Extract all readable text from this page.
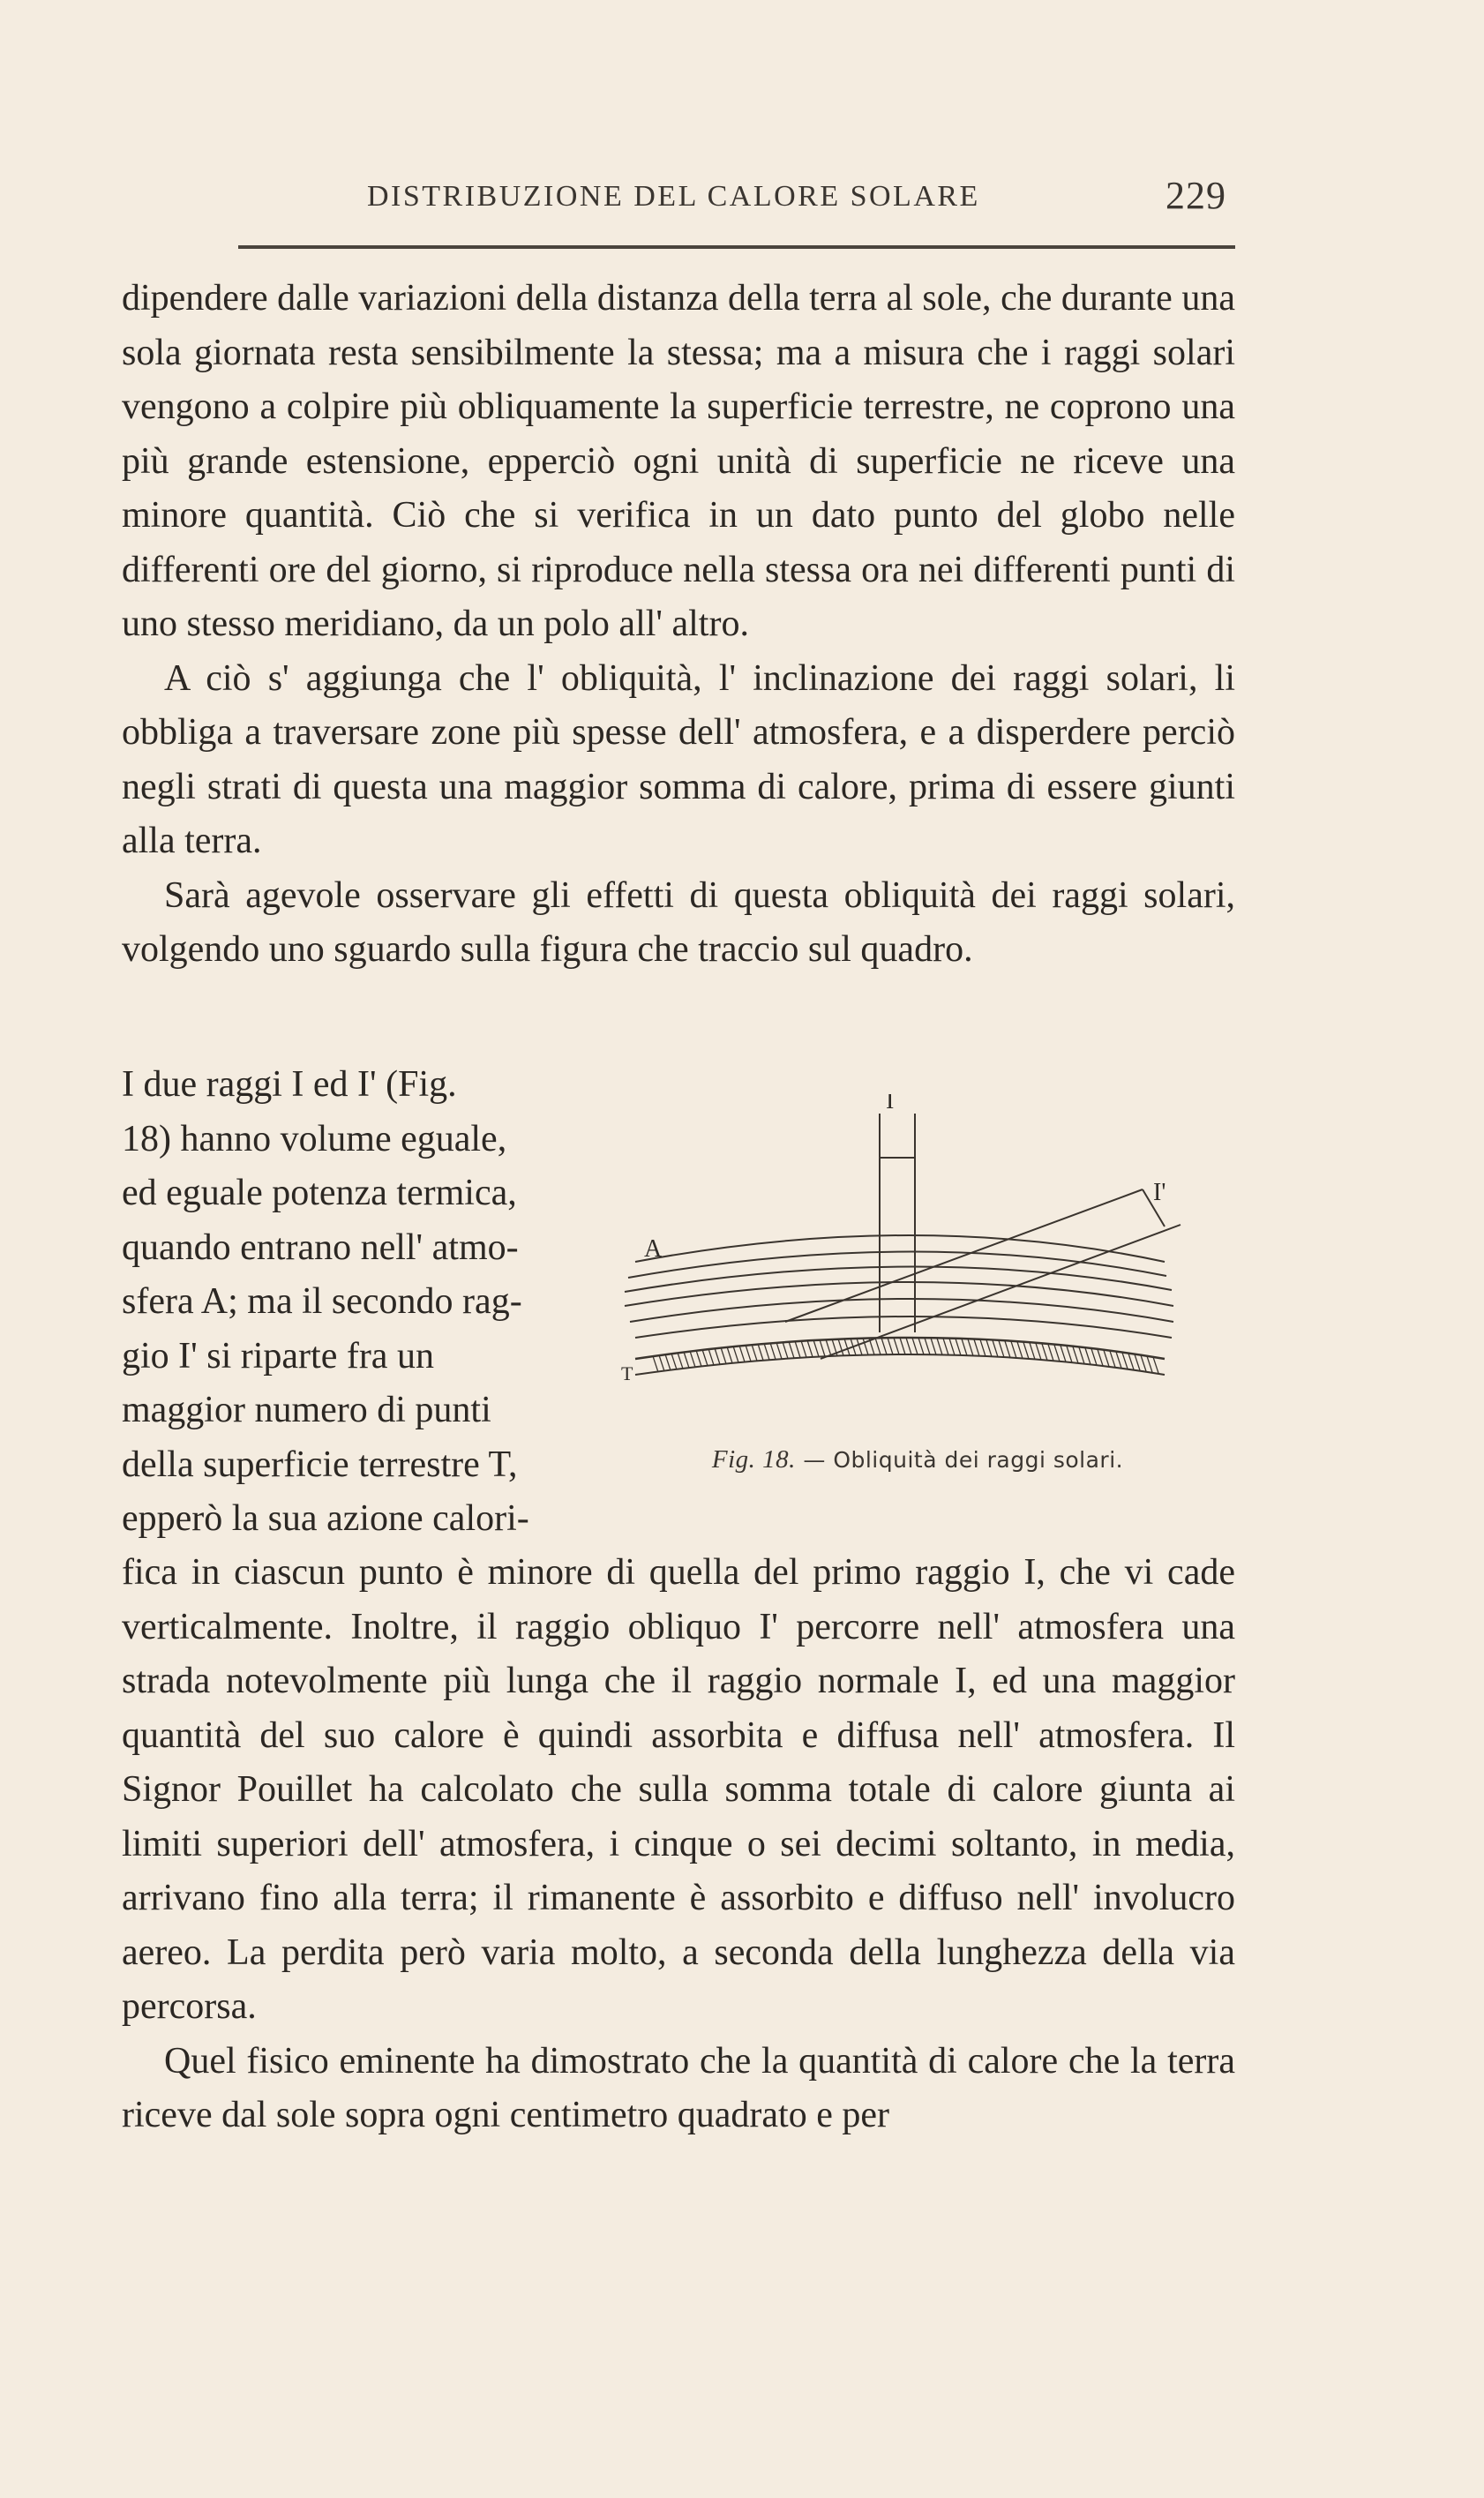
DISTRIBUZIONE DEL CALORE SOLARE	229

dipendere dalle variazioni della distanza della terra al sole, che durante una sola giornata resta sensibilmente la stessa; ma a misura che i raggi solari vengono a colpire più obliquamente la superficie terrestre, ne coprono una più grande estensione, epperciò ogni unità di superficie ne riceve una minore quantità. Ciò che si verifica in un dato punto del globo nelle differenti ore del giorno, si riproduce nella stessa ora nei differenti punti di uno stesso meridiano, da un polo all' altro.

A ciò s' aggiunga che l' obliquità, l' inclinazione dei raggi solari, li obbliga a traversare zone più spesse dell' atmosfera, e a disperdere perciò negli strati di questa una maggior somma di calore, prima di essere giunti alla terra.

Sarà agevole osservare gli effetti di questa obliquità dei raggi solari, volgendo uno sguardo sulla figura che traccio sul quadro.

I due raggi I ed I' (Fig.
18) hanno volume eguale,
ed eguale potenza termica,
quando entrano nell' atmo-
sfera A; ma il secondo rag-
gio I' si riparte fra un
maggior numero di punti
della superficie terrestre T,
epperò la sua azione calori-
I
I'
A
T
Fig. 18. — Obliquità dei raggi solari.

fica in ciascun punto è minore di quella del primo raggio I, che vi cade verticalmente. Inoltre, il raggio obliquo I' percorre nell' atmosfera una strada notevolmente più lunga che il raggio normale I, ed una maggior quantità del suo calore è quindi assorbita e diffusa nell' atmosfera. Il Signor Pouillet ha calcolato che sulla somma totale di calore giunta ai limiti superiori dell' atmosfera, i cinque o sei decimi soltanto, in media, arrivano fino alla terra; il rimanente è assorbito e diffuso nell' involucro aereo. La perdita però varia molto, a seconda della lunghezza della via percorsa.

Quel fisico eminente ha dimostrato che la quantità di calore che la terra riceve dal sole sopra ogni centimetro quadrato e per
